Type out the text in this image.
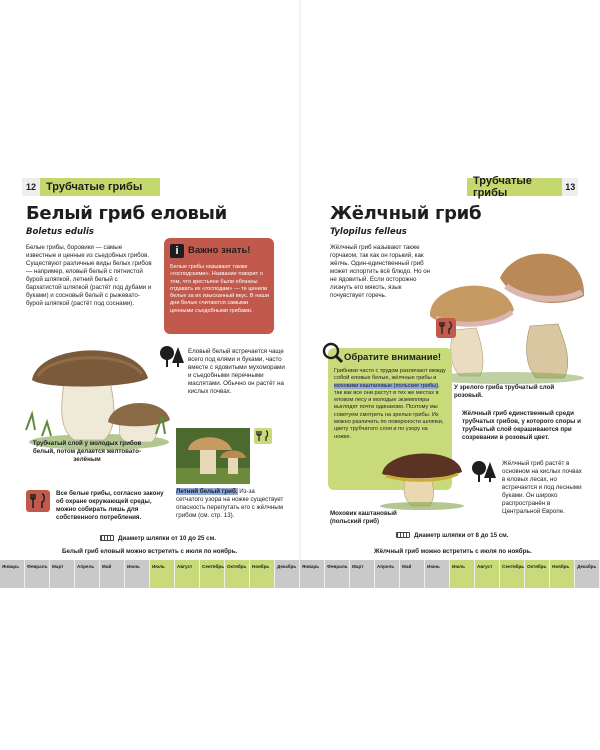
12 Трубчатые грибы
Белый гриб еловый
Boletus edulis
Белые грибы, боровики — самые известные и ценные из съедобных грибов. Существуют различные виды белых грибов — например, еловый белый с пятнистой бурой шляпкой, летний белый с бархатистой шляпкой (растёт под дубами и буками) и сосновый белый с рыжевато-бурой шляпкой (растёт под соснами).
i Важно знать!
Белые грибы называют также «господскими». Название говорит о том, что крестьяне были обязаны отдавать их «господам» — те ценили белые за их изысканный вкус. В наши дни белые считаются самыми ценными съедобными грибами.
Еловый белый встречается чаще всего под елями и буками, часто вместе с ядовитыми мухоморами и съедобными перечными маслятами. Обычно он растёт на кислых почвах.
Трубчатый слой у молодых грибов белый, потом делается желтовато-зелёным
Все белые грибы, согласно закону об охране окружающей среды, можно собирать лишь для собственного потребления.
Летний белый гриб. Из-за сетчатого узора на ножке существует опасность перепутать его с жёлчным грибом (см. стр. 13).
Диаметр шляпки от 10 до 25 см.
Белый гриб еловый можно встретить с июля по ноябрь.
Трубчатые грибы	13
Жёлчный гриб
Tylopilus felleus
Жёлчный гриб называют также горчаком, так как он горький, как жёлчь. Один-единственный гриб может испортить всё блюдо. Но он не ядовитый. Если осторожно лизнуть его мякоть, язык почувствует горечь.
Обратите внимание!
Грибники часто с трудом различают между собой еловые белые, жёлчные грибы и моховики каштановые (польские грибы), так как все они растут в тех же местах в еловом лесу и молодые экземпляры выглядят почти одинаково. Поэтому мы советуем смотреть на зрелые грибы. Их можно различить по поверхности шляпки, цвету трубчатого слоя и по узору на ножке.
У зрелого гриба трубчатый слой розовый.
Жёлчный гриб единственный среди трубчатых грибов, у которого споры и трубчатый слой окрашиваются при созревании в розовый цвет.
Жёлчный гриб растёт в основном на кислых почвах в еловых лесах, но встречается и под лесными буками. Он широко распространён в Центральной Европе.
Моховик каштановый (польский гриб)
Диаметр шляпки от 8 до 15 см.
Жёлчный гриб можно встретить с июля по ноябрь.
Январь	Февраль Март	Апрель	Май	Июнь	Июль	Август	Сентябрь Октябрь	Ноябрь	Декабрь	Январь	Февраль Март	Апрель	Май	Июнь	Июль	Август	Сентябрь Октябрь	Ноябрь	Декабрь
